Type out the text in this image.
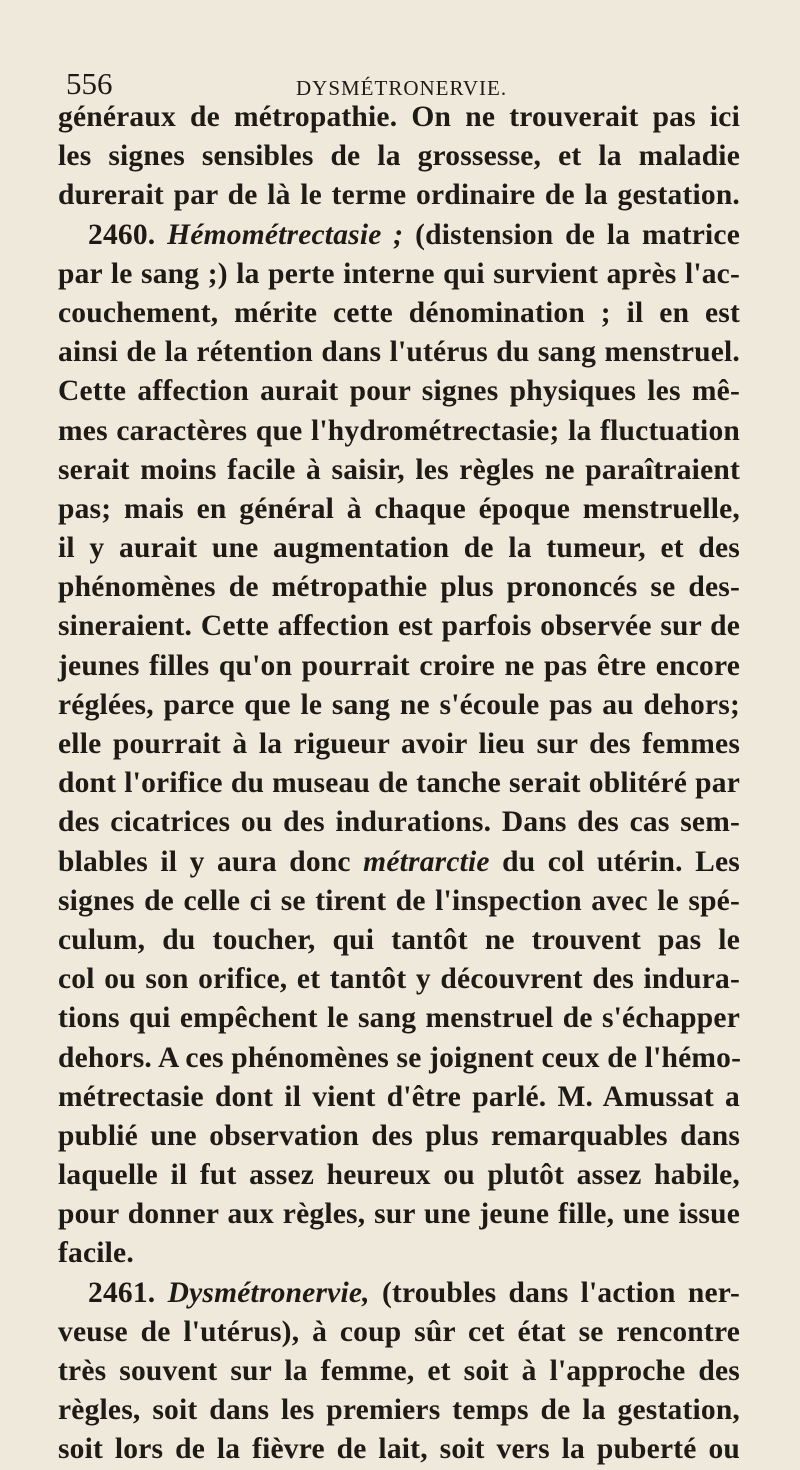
556	DYSMÉTRONERVIE.
généraux de métropathie. On ne trouverait pas ici
les signes sensibles de la grossesse, et la maladie
durerait par de là le terme ordinaire de la gestation.
2460. Hémométrectasie ; (distension de la matrice
par le sang ;) la perte interne qui survient après l'ac-
couchement, mérite cette dénomination ; il en est
ainsi de la rétention dans l'utérus du sang menstruel.
Cette affection aurait pour signes physiques les mê-
mes caractères que l'hydrométrectasie; la fluctuation
serait moins facile à saisir, les règles ne paraîtraient
pas; mais en général à chaque époque menstruelle,
il y aurait une augmentation de la tumeur, et des
phénomènes de métropathie plus prononcés se des-
sineraient. Cette affection est parfois observée sur de
jeunes filles qu'on pourrait croire ne pas être encore
réglées, parce que le sang ne s'écoule pas au dehors;
elle pourrait à la rigueur avoir lieu sur des femmes
dont l'orifice du museau de tanche serait oblitéré par
des cicatrices ou des indurations. Dans des cas sem-
blables il y aura donc métrarctie du col utérin. Les
signes de celle ci se tirent de l'inspection avec le spé-
culum, du toucher, qui tantôt ne trouvent pas le
col ou son orifice, et tantôt y découvrent des indura-
tions qui empêchent le sang menstruel de s'échapper
dehors. A ces phénomènes se joignent ceux de l'hémo-
métrectasie dont il vient d'être parlé. M. Amussat a
publié une observation des plus remarquables dans
laquelle il fut assez heureux ou plutôt assez habile,
pour donner aux règles, sur une jeune fille, une issue
facile.
2461. Dysmétronervie, (troubles dans l'action ner-
veuse de l'utérus), à coup sûr cet état se rencontre
très souvent sur la femme, et soit à l'approche des
règles, soit dans les premiers temps de la gestation,
soit lors de la fièvre de lait, soit vers la puberté ou
